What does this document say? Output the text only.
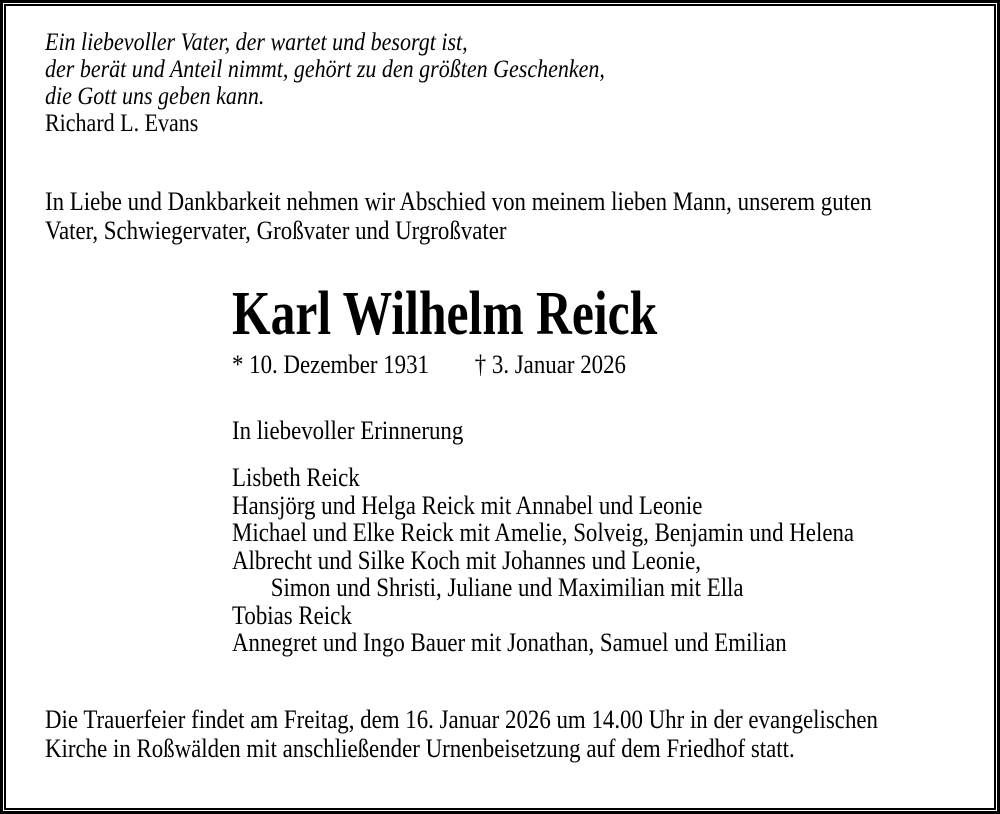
Ein liebevoller Vater, der wartet und besorgt ist,
der berät und Anteil nimmt, gehört zu den größten Geschenken,
die Gott uns geben kann.
Richard L. Evans
In Liebe und Dankbarkeit nehmen wir Abschied von meinem lieben Mann, unserem guten
Vater, Schwiegervater, Großvater und Urgroßvater
Karl Wilhelm Reick
* 10. Dezember 1931 † 3. Januar 2026
In liebevoller Erinnerung
Lisbeth Reick
Hansjörg und Helga Reick mit Annabel und Leonie
Michael und Elke Reick mit Amelie, Solveig, Benjamin und Helena
Albrecht und Silke Koch mit Johannes und Leonie,
Simon und Shristi, Juliane und Maximilian mit Ella
Tobias Reick
Annegret und Ingo Bauer mit Jonathan, Samuel und Emilian
Die Trauerfeier findet am Freitag, dem 16. Januar 2026 um 14.00 Uhr in der evangelischen
Kirche in Roßwälden mit anschließender Urnenbeisetzung auf dem Friedhof statt.
